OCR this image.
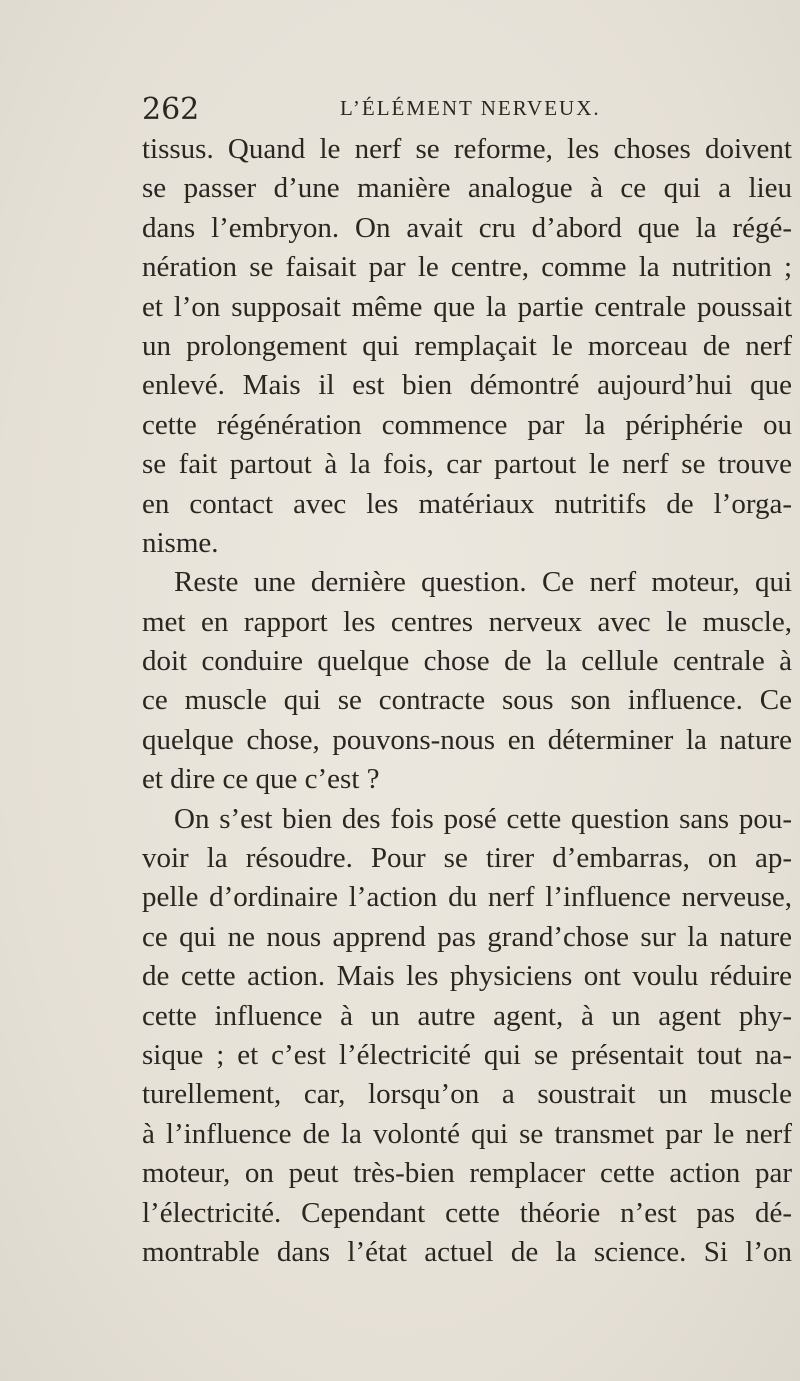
262	L’ÉLÉMENT NERVEUX.
tissus. Quand le nerf se reforme, les choses doivent
se passer d’une manière analogue à ce qui a lieu
dans l’embryon. On avait cru d’abord que la régé-
nération se faisait par le centre, comme la nutrition ;
et l’on supposait même que la partie centrale poussait
un prolongement qui remplaçait le morceau de nerf
enlevé. Mais il est bien démontré aujourd’hui que
cette régénération commence par la périphérie ou
se fait partout à la fois, car partout le nerf se trouve
en contact avec les matériaux nutritifs de l’orga-
nisme.
Reste une dernière question. Ce nerf moteur, qui
met en rapport les centres nerveux avec le muscle,
doit conduire quelque chose de la cellule centrale à
ce muscle qui se contracte sous son influence. Ce
quelque chose, pouvons-nous en déterminer la nature
et dire ce que c’est ?
On s’est bien des fois posé cette question sans pou-
voir la résoudre. Pour se tirer d’embarras, on ap-
pelle d’ordinaire l’action du nerf l’influence nerveuse,
ce qui ne nous apprend pas grand’chose sur la nature
de cette action. Mais les physiciens ont voulu réduire
cette influence à un autre agent, à un agent phy-
sique ; et c’est l’électricité qui se présentait tout na-
turellement, car, lorsqu’on a soustrait un muscle
à l’influence de la volonté qui se transmet par le nerf
moteur, on peut très-bien remplacer cette action par
l’électricité. Cependant cette théorie n’est pas dé-
montrable dans l’état actuel de la science. Si l’on
